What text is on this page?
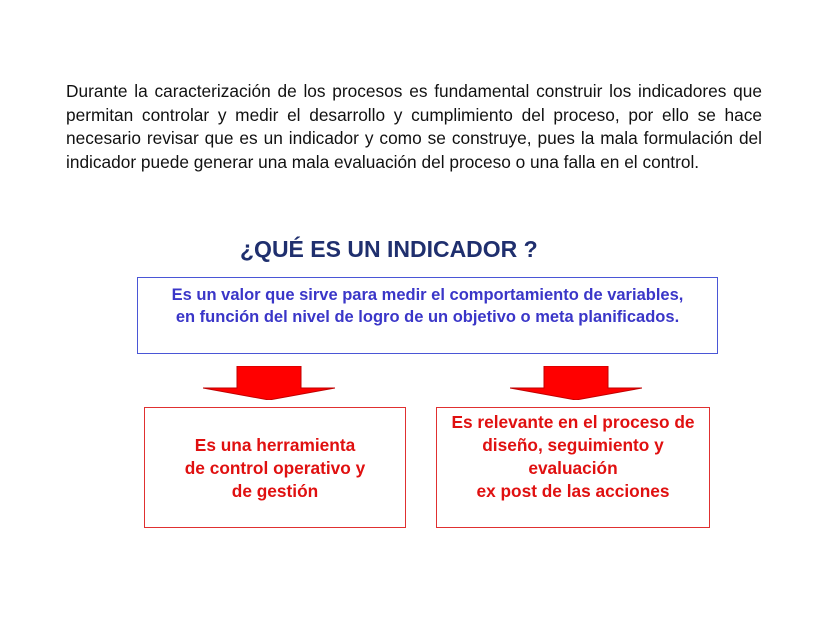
Durante la caracterización de los procesos es fundamental construir los indicadores que permitan controlar y medir el desarrollo y cumplimiento del proceso, por ello se hace necesario revisar que es un indicador y como se construye, pues la mala formulación del indicador puede generar una mala evaluación del proceso o una falla en el control.

¿QUÉ ES UN INDICADOR ?
Es un valor que sirve para medir el comportamiento de variables,
en función del nivel de logro de un objetivo o meta planificados.
Es una herramienta
de control operativo y
de gestión
Es relevante en el proceso de
diseño, seguimiento y
evaluación
ex post de las acciones
